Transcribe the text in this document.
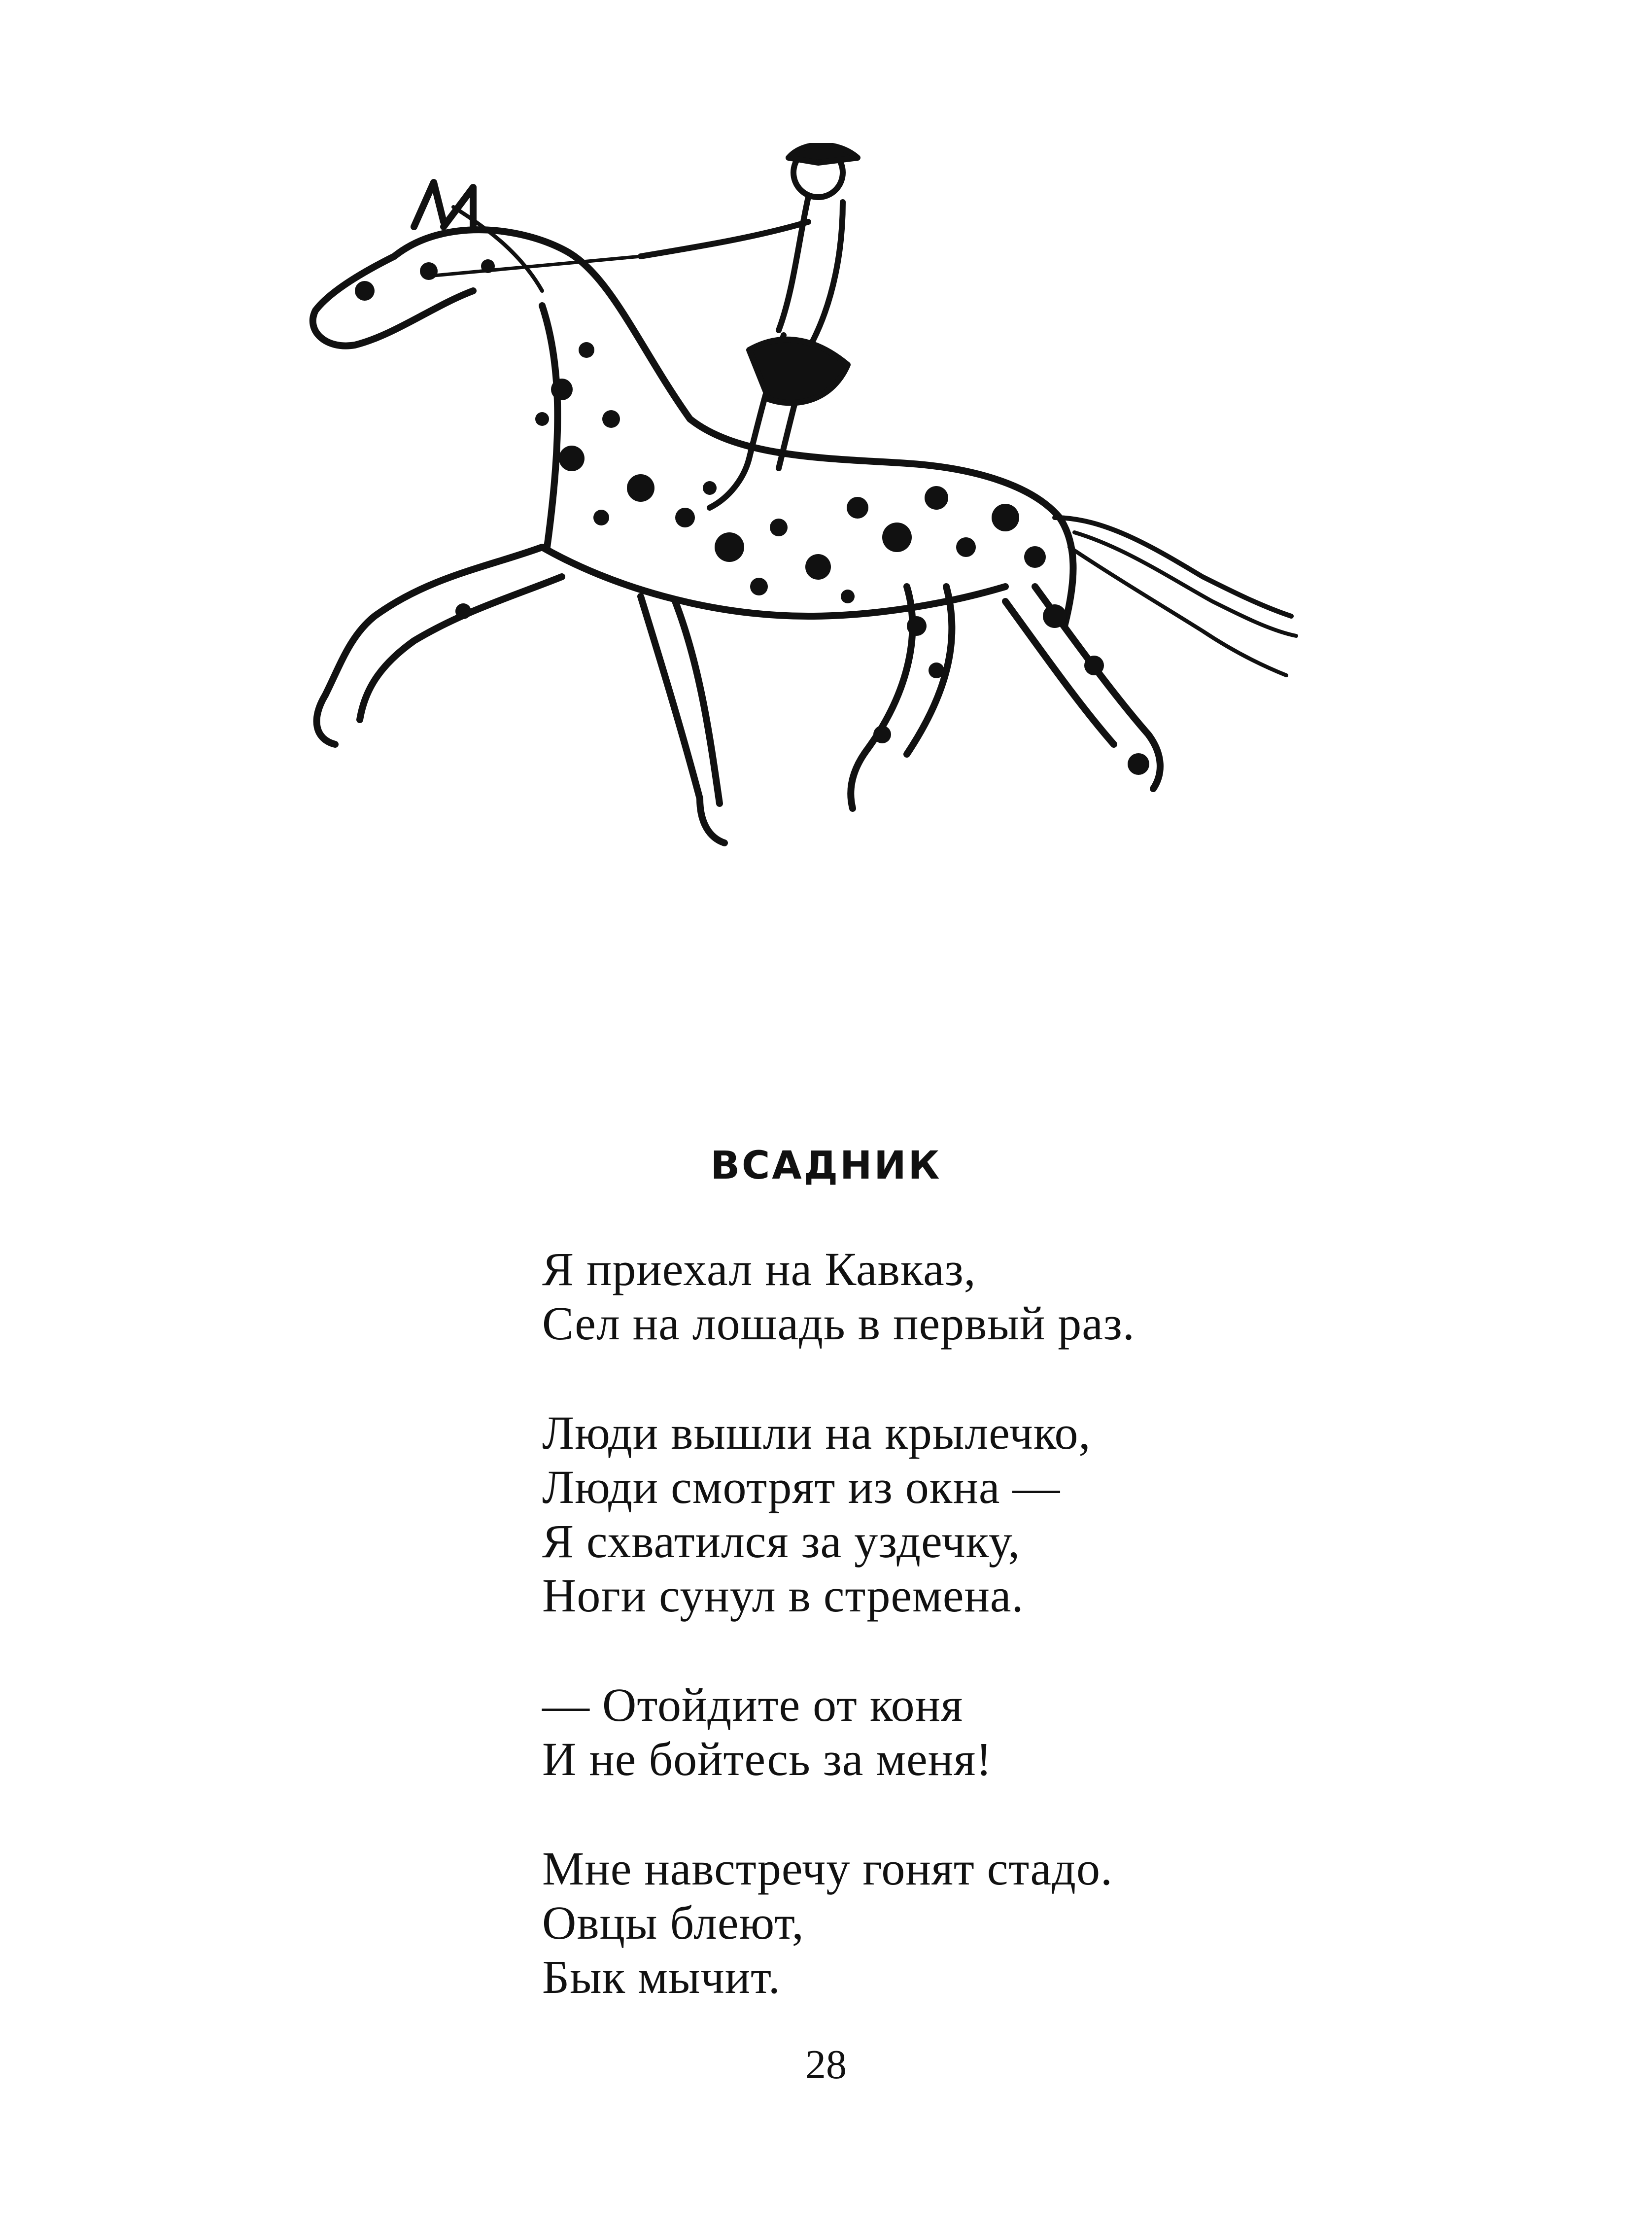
ВСАДНИК

Я приехал на Кавказ,
Сел на лошадь в первый раз.

Люди вышли на крылечко,
Люди смотрят из окна —
Я схватился за уздечку,
Ноги сунул в стремена.

— Отойдите от коня
И не бойтесь за меня!

Мне навстречу гонят стадо.
Овцы блеют,
Бык мычит.

28
